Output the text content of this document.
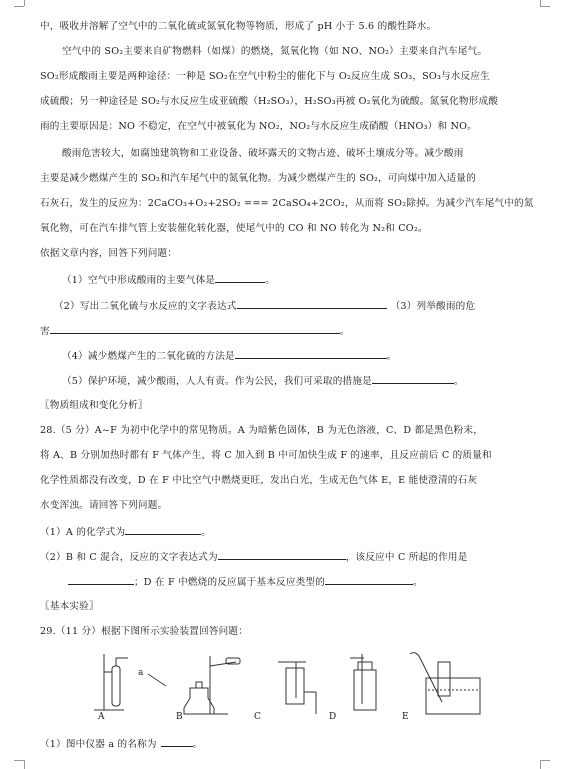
中，吸收并溶解了空气中的二氧化硫或氮氧化物等物质，形成了 pH 小于 5.6 的酸性降水。
空气中的 SO₂主要来自矿物燃料（如煤）的燃烧，氮氧化物（如 NO、NO₂）主要来自汽车尾气。
SO₂形成酸雨主要是两种途径：一种是 SO₂在空气中粉尘的催化下与 O₂反应生成 SO₃，SO₃与水反应生
成硫酸；另一种途径是 SO₂与水反应生成亚硫酸（H₂SO₃），H₂SO₃再被 O₂氧化为硫酸。氮氧化物形成酸
雨的主要原因是：NO 不稳定，在空气中被氧化为 NO₂，NO₂与水反应生成硝酸（HNO₃）和 NO。
酸雨危害较大，如腐蚀建筑物和工业设备、破坏露天的文物古迹、破坏土壤成分等。减少酸雨
主要是减少燃煤产生的 SO₂和汽车尾气中的氮氧化物。为减少燃煤产生的 SO₂，可向煤中加入适量的
石灰石，发生的反应为：2CaCO₃+O₂+2SO₂ === 2CaSO₄+2CO₂，从而将 SO₂除掉。为减少汽车尾气中的氮
氧化物，可在汽车排气管上安装催化转化器，使尾气中的 CO 和 NO 转化为 N₂和 CO₂。
依据文章内容，回答下列问题：
（1）空气中形成酸雨的主要气体是	。
（2）写出二氧化硫与水反应的文字表达式	（3）列举酸雨的危
害	。
（4）减少燃煤产生的二氧化硫的方法是	。
（5）保护环境，减少酸雨，人人有责。作为公民，我们可采取的措施是	。
〖物质组成和变化分析〗
28.（5 分）A~F 为初中化学中的常见物质。A 为暗紫色固体，B 为无色溶液，C、D 都是黑色粉末，
将 A、B 分别加热时都有 F 气体产生，将 C 加入到 B 中可加快生成 F 的速率，且反应前后 C 的质量和
化学性质都没有改变，D 在 F 中比空气中燃烧更旺，发出白光，生成无色气体 E，E 能使澄清的石灰
水变浑浊。请回答下列问题。
（1）A 的化学式为	。
（2）B 和 C 混合，反应的文字表达式为	，该反应中 C 所起的作用是
；D 在 F 中燃烧的反应属于基本反应类型的	。
〖基本实验〗
29.（11 分）根据下图所示实验装置回答问题：
a
A	B	C	D	E
（1）图中仪器 a 的名称为	。
